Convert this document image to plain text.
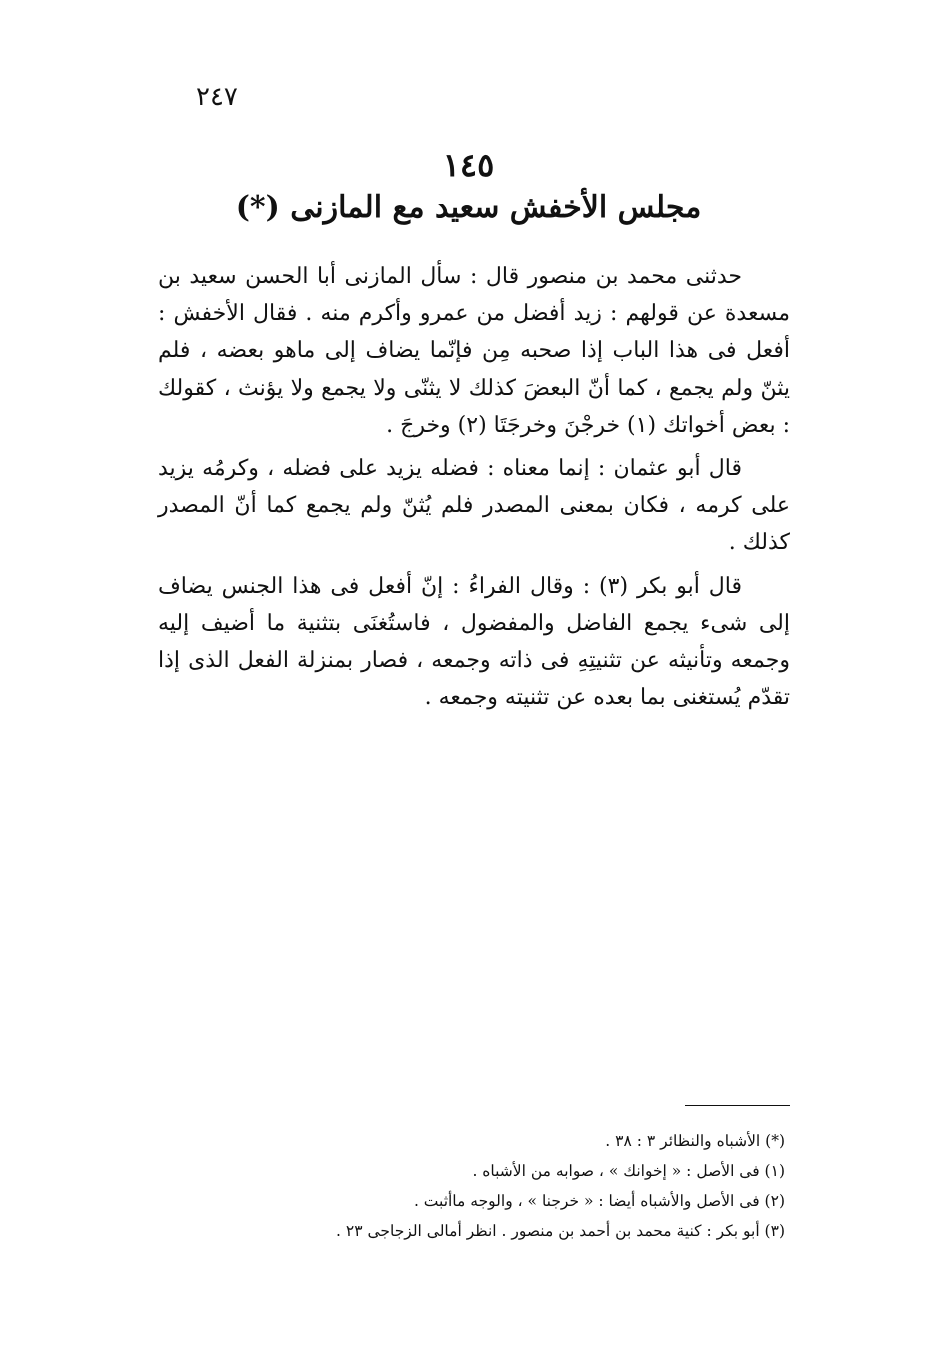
٢٤٧
١٤٥
مجلس الأخفش سعيد مع المازنى (*)

حدثنى محمد بن منصور قال : سأل المازنى أبا الحسن سعيد بن مسعدة عن قولهم : زيد أفضل من عمرو وأكرم منه . فقال الأخفش : أفعل فى هذا الباب إذا صحبه مِن فإنّما يضاف إلى ماهو بعضه ، فلم يثنّ ولم يجمع ، كما أنّ البعضَ كذلك لا يثنّى ولا يجمع ولا يؤنث ، كقولك : بعض أخواتك (١) خرجْنَ وخرجَتَا (٢) وخرجَ .

قال أبو عثمان : إنما معناه : فضله يزيد على فضله ، وكرمُه يزيد على كرمه ، فكان بمعنى المصدر فلم يُثنّ ولم يجمع كما أنّ المصدر كذلك .

قال أبو بكر (٣) : وقال الفراءُ : إنّ أفعل فى هذا الجنس يضاف إلى شىء يجمع الفاضل والمفضول ، فاستُغنَى بتثنية ما أضيف إليه وجمعه وتأنيثه عن تثنيتِهِ فى ذاته وجمعه ، فصار بمنزلة الفعل الذى إذا تقدّم يُستغنى بما بعده عن تثنيته وجمعه .

(*) الأشباه والنظائر ٣ : ٣٨ .
(١) فى الأصل : « إخوانك » ، صوابه من الأشباه .
(٢) فى الأصل والأشباه أيضا : « خرجنا » ، والوجه ماأثبت .
(٣) أبو بكر : كنية محمد بن أحمد بن منصور . انظر أمالى الزجاجى ٢٣ .
